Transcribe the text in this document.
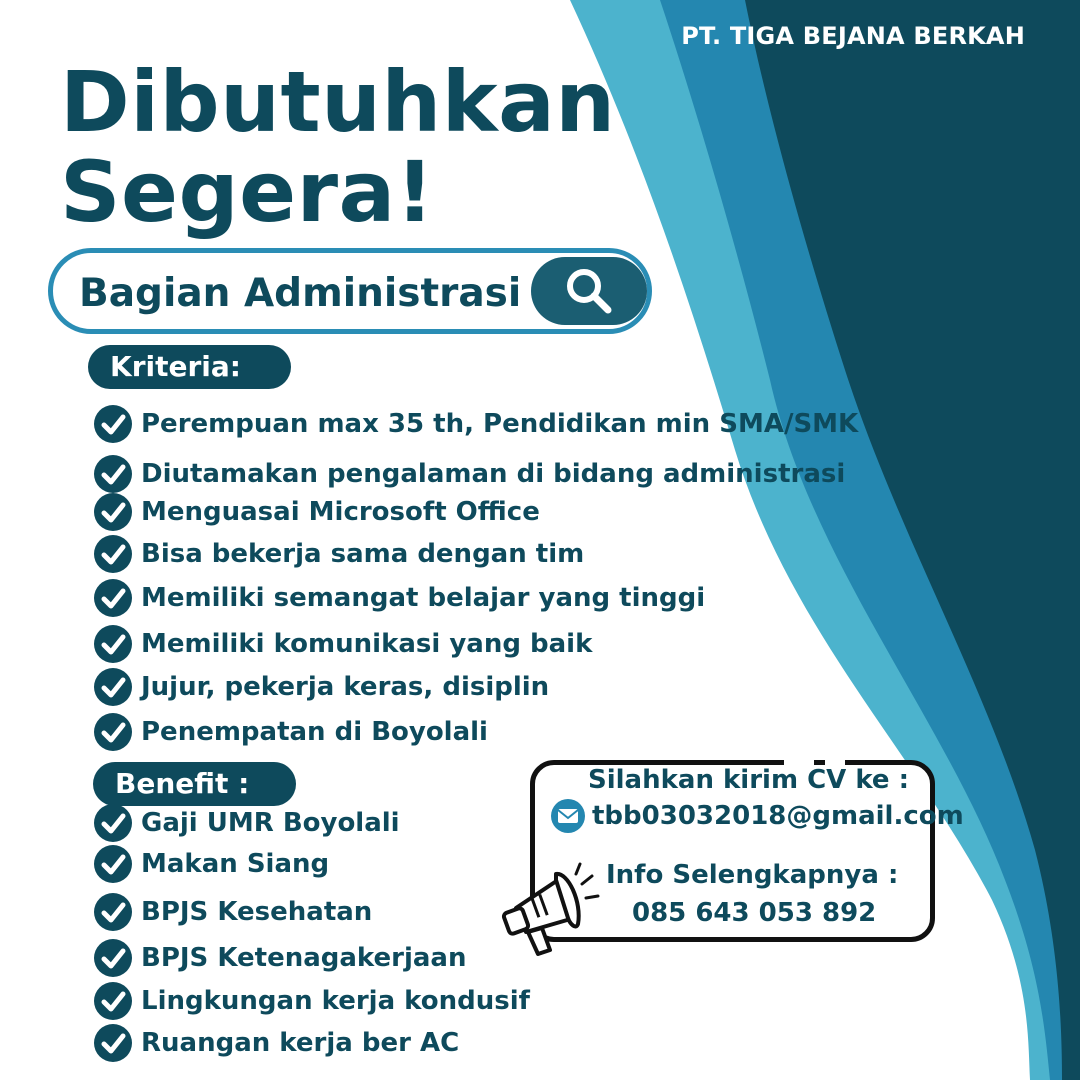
PT. TIGA BEJANA BERKAH
Dibutuhkan
Segera!
Bagian Administrasi
Kriteria:
Perempuan max 35 th, Pendidikan min SMA/SMK
Diutamakan pengalaman di bidang administrasi
Menguasai Microsoft Office
Bisa bekerja sama dengan tim
Memiliki semangat belajar yang tinggi
Memiliki komunikasi yang baik
Jujur, pekerja keras, disiplin
Penempatan di Boyolali
Benefit :
Gaji UMR Boyolali
Makan Siang
BPJS Kesehatan
BPJS Ketenagakerjaan
Lingkungan kerja kondusif
Ruangan kerja ber AC
Silahkan kirim CV ke :
tbb03032018@gmail.com
Info Selengkapnya :
085 643 053 892
